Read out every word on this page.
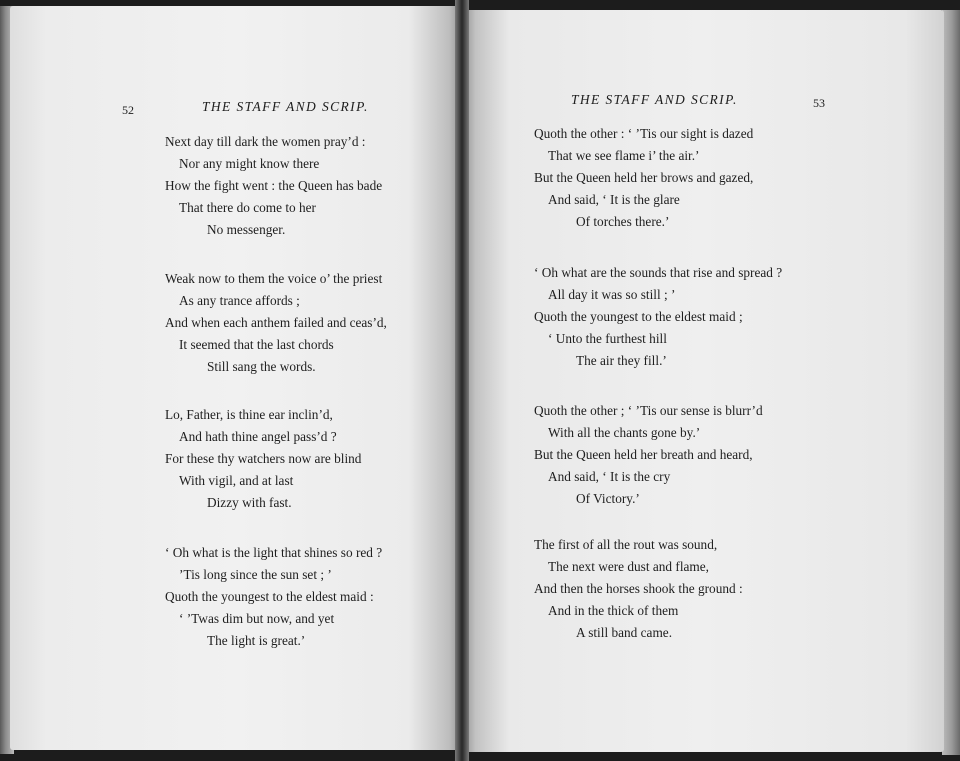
52	THE STAFF AND SCRIP.
Next day till dark the women pray’d :
Nor any might know there
How the fight went : the Queen has bade
That there do come to her
No messenger.
Weak now to them the voice o’ the priest
As any trance affords ;
And when each anthem failed and ceas’d,
It seemed that the last chords
Still sang the words.
Lo, Father, is thine ear inclin’d,
And hath thine angel pass’d ?
For these thy watchers now are blind
With vigil, and at last
Dizzy with fast.
‘ Oh what is the light that shines so red ?
’Tis long since the sun set ; ’
Quoth the youngest to the eldest maid :
‘ ’Twas dim but now, and yet
The light is great.’
THE STAFF AND SCRIP.	53
Quoth the other : ‘ ’Tis our sight is dazed
That we see flame i’ the air.’
But the Queen held her brows and gazed,
And said, ‘ It is the glare
Of torches there.’
‘ Oh what are the sounds that rise and spread ?
All day it was so still ; ’
Quoth the youngest to the eldest maid ;
‘ Unto the furthest hill
The air they fill.’
Quoth the other ; ‘ ’Tis our sense is blurr’d
With all the chants gone by.’
But the Queen held her breath and heard,
And said, ‘ It is the cry
Of Victory.’
The first of all the rout was sound,
The next were dust and flame,
And then the horses shook the ground :
And in the thick of them
A still band came.
